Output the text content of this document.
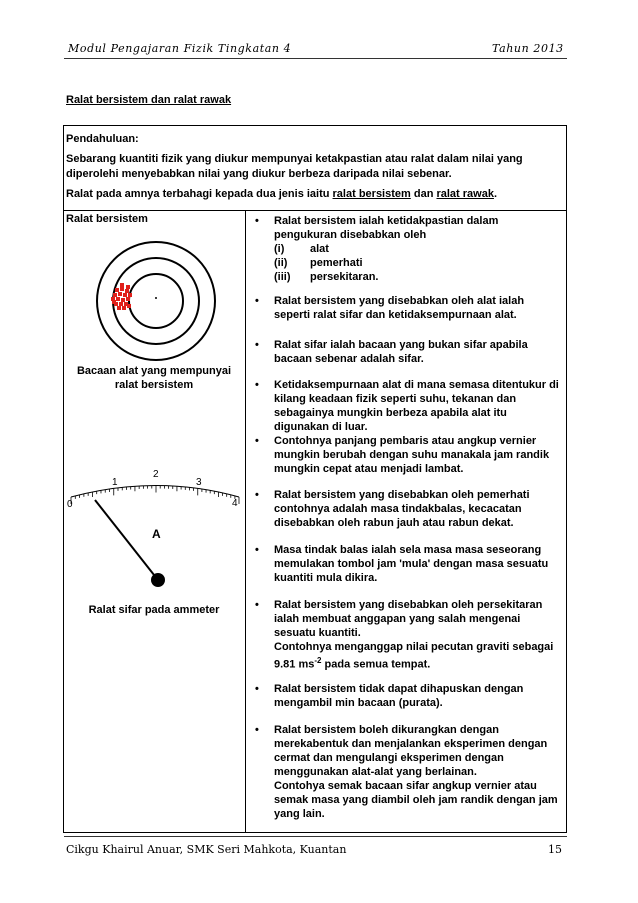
Modul Pengajaran Fizik Tingkatan 4	Tahun 2013
Ralat bersistem dan ralat rawak

Pendahuluan:

Sebarang kuantiti fizik yang diukur mempunyai ketakpastian atau ralat dalam nilai yang diperolehi menyebabkan nilai yang diukur berbeza daripada nilai sebenar.

Ralat pada amnya terbahagi kepada dua jenis iaitu ralat bersistem dan ralat rawak.

Ralat bersistem
Bacaan alat yang mempunyai ralat bersistem
0
1
2
3
4
A
Ralat sifar pada ammeter
• Ralat bersistem ialah ketidakpastian dalam pengukuran disebabkan oleh
(i) alat
(ii) pemerhati
(iii) persekitaran.
• Ralat bersistem yang disebabkan oleh alat ialah seperti ralat sifar dan ketidaksempurnaan alat.
• Ralat sifar ialah bacaan yang bukan sifar apabila bacaan sebenar adalah sifar.
• Ketidaksempurnaan alat di mana semasa ditentukur di kilang keadaan fizik seperti suhu, tekanan dan sebagainya mungkin berbeza apabila alat itu digunakan di luar.
• Contohnya panjang pembaris atau angkup vernier mungkin berubah dengan suhu manakala jam randik mungkin cepat atau menjadi lambat.
• Ralat bersistem yang disebabkan oleh pemerhati contohnya adalah masa tindakbalas, kecacatan disebabkan oleh rabun jauh atau rabun dekat.
• Masa tindak balas ialah sela masa masa seseorang memulakan tombol jam 'mula' dengan masa sesuatu kuantiti mula dikira.
• Ralat bersistem yang disebabkan oleh persekitaran ialah membuat anggapan yang salah mengenai sesuatu kuantiti.
Contohnya menganggap nilai pecutan graviti sebagai 9.81 $ms^{-2}$ pada semua tempat.
• Ralat bersistem tidak dapat dihapuskan dengan mengambil min bacaan (purata).
• Ralat bersistem boleh dikurangkan dengan merekabentuk dan menjalankan eksperimen dengan cermat dan mengulangi eksperimen dengan menggunakan alat-alat yang berlainan.
Contohya semak bacaan sifar angkup vernier atau semak masa yang diambil oleh jam randik dengan jam yang lain.
Cikgu Khairul Anuar, SMK Seri Mahkota, Kuantan	15
